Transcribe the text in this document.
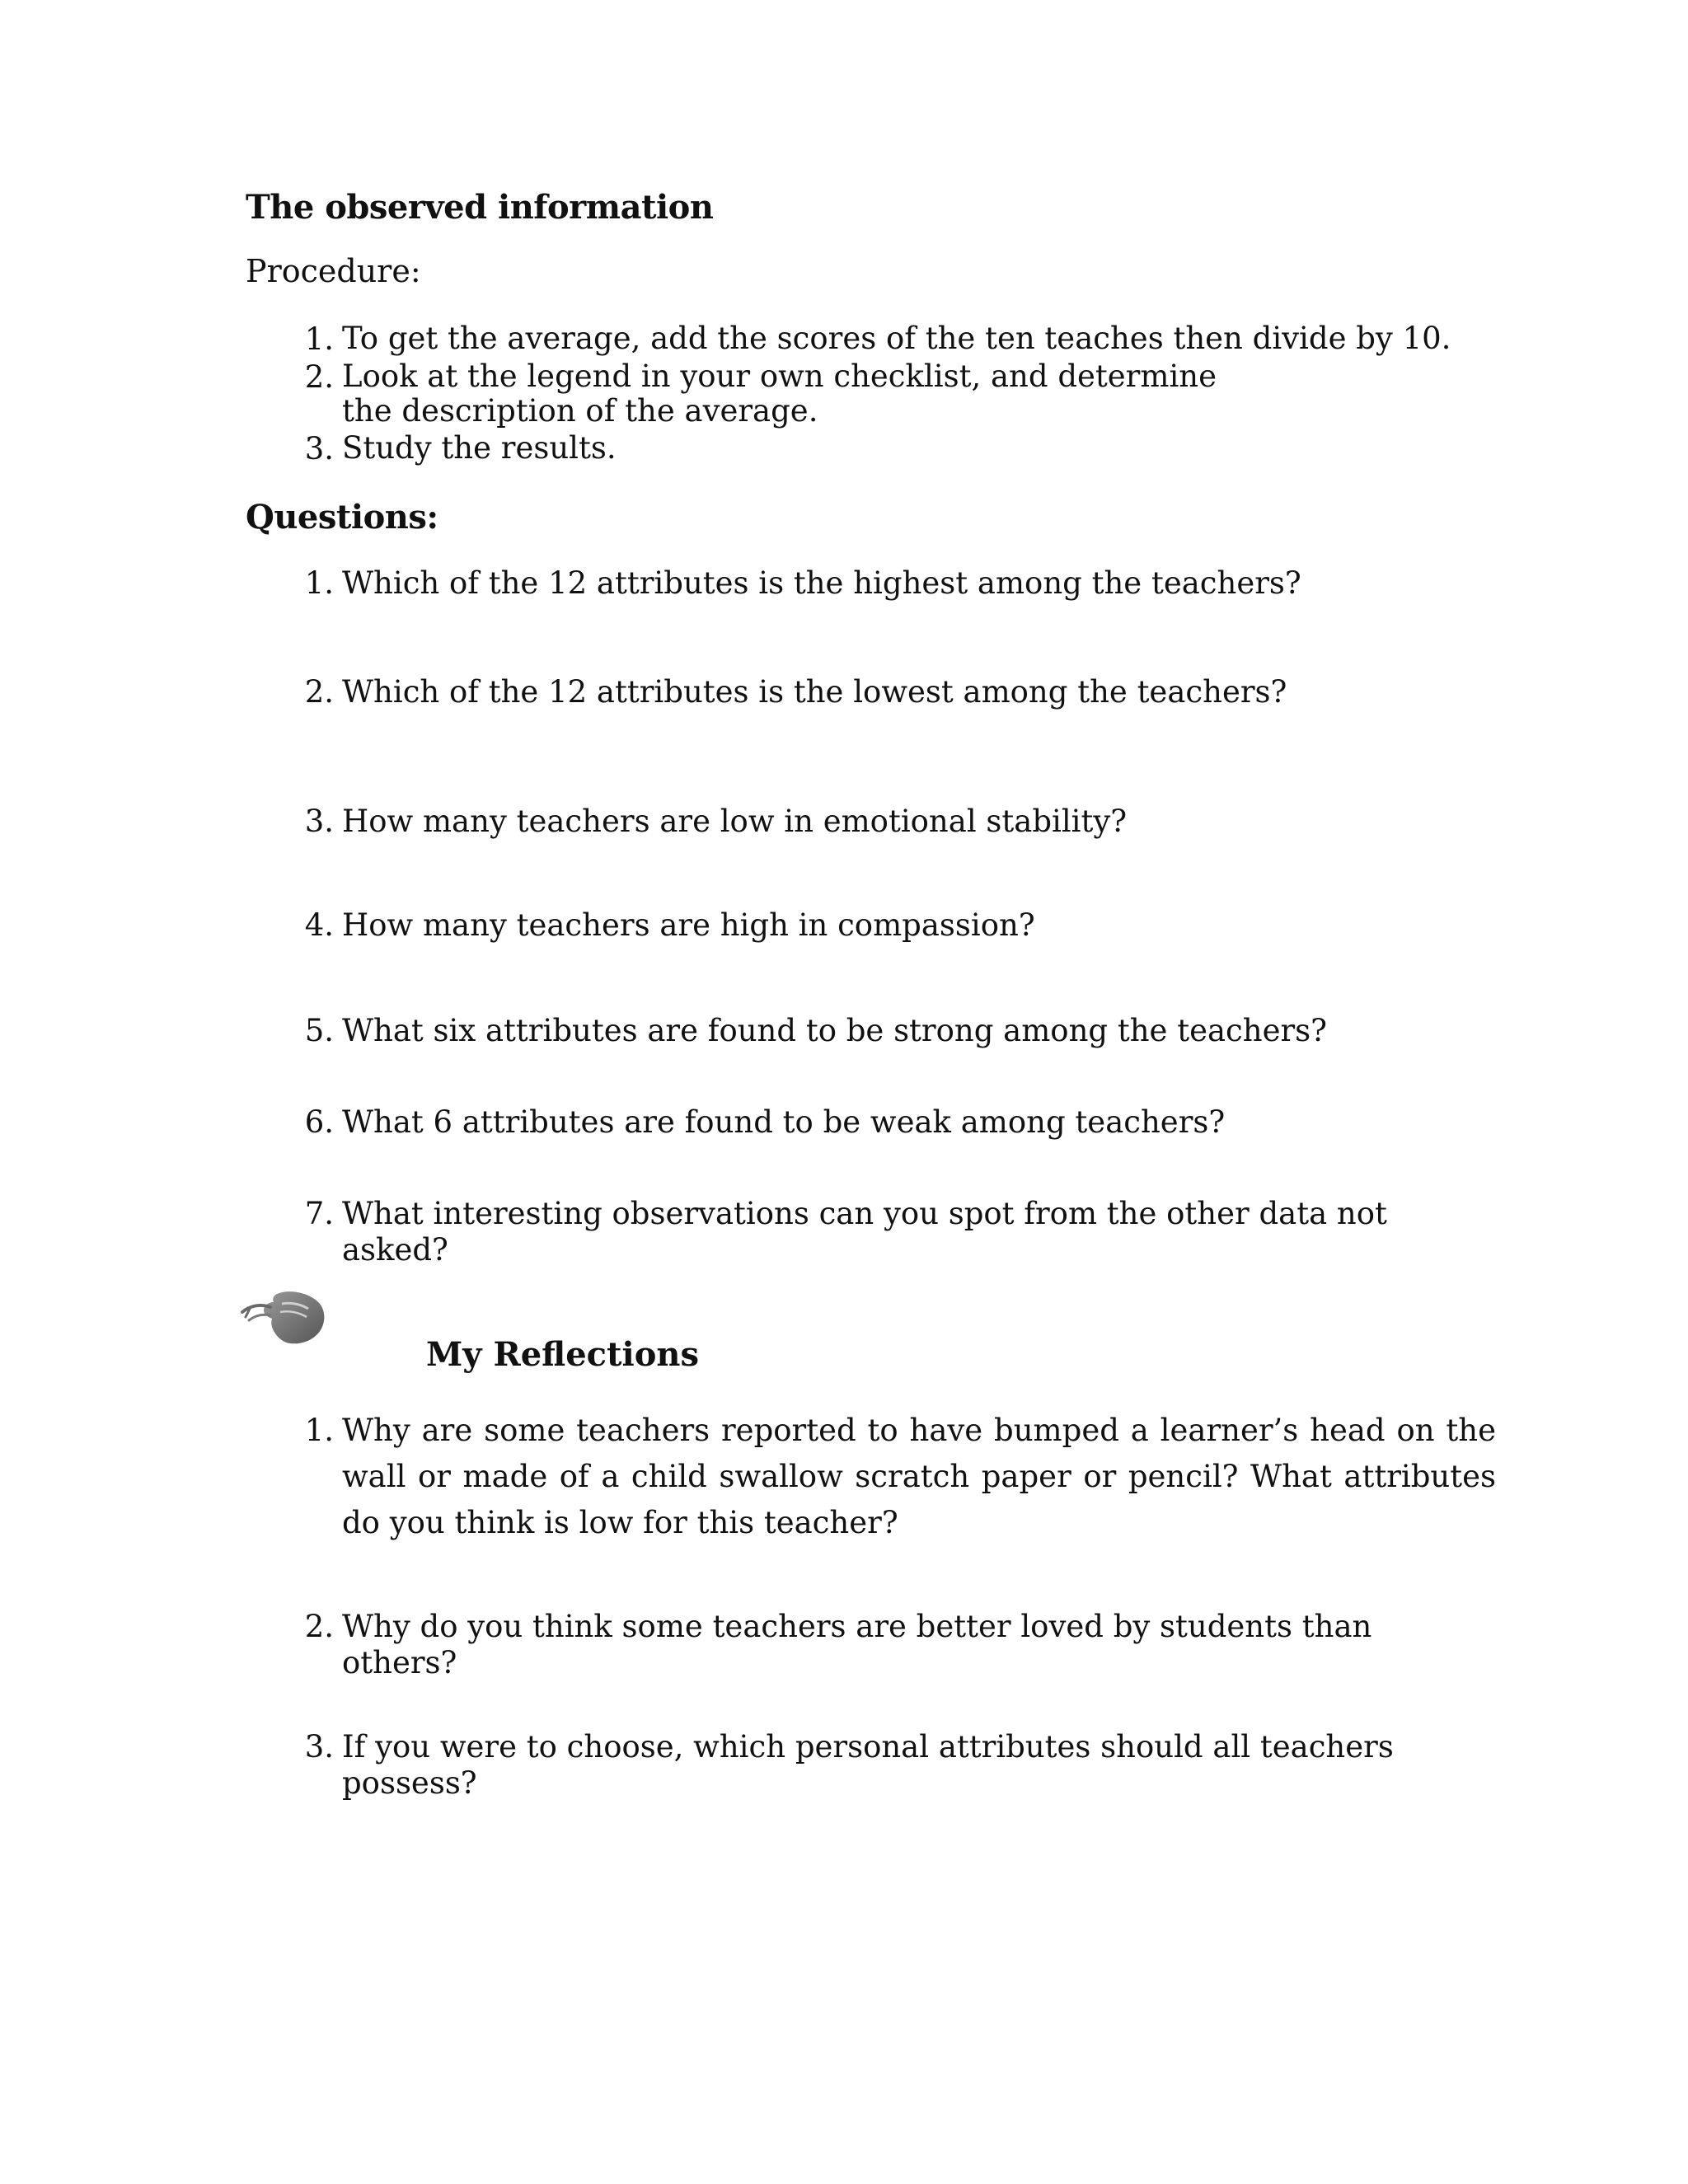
The observed information
Procedure:
1. To get the average, add the scores of the ten teaches then divide by 10.
2. Look at the legend in your own checklist, and determine the description of the average.
3. Study the results.
Questions:
1. Which of the 12 attributes is the highest among the teachers?
2. Which of the 12 attributes is the lowest among the teachers?
3. How many teachers are low in emotional stability?
4. How many teachers are high in compassion?
5. What six attributes are found to be strong among the teachers?
6. What 6 attributes are found to be weak among teachers?
7. What interesting observations can you spot from the other data not asked?
My Reflections
1. Why are some teachers reported to have bumped a learner’s head on the wall or made of a child swallow scratch paper or pencil? What attributes do you think is low for this teacher?
2. Why do you think some teachers are better loved by students than others?
3. If you were to choose, which personal attributes should all teachers possess?
